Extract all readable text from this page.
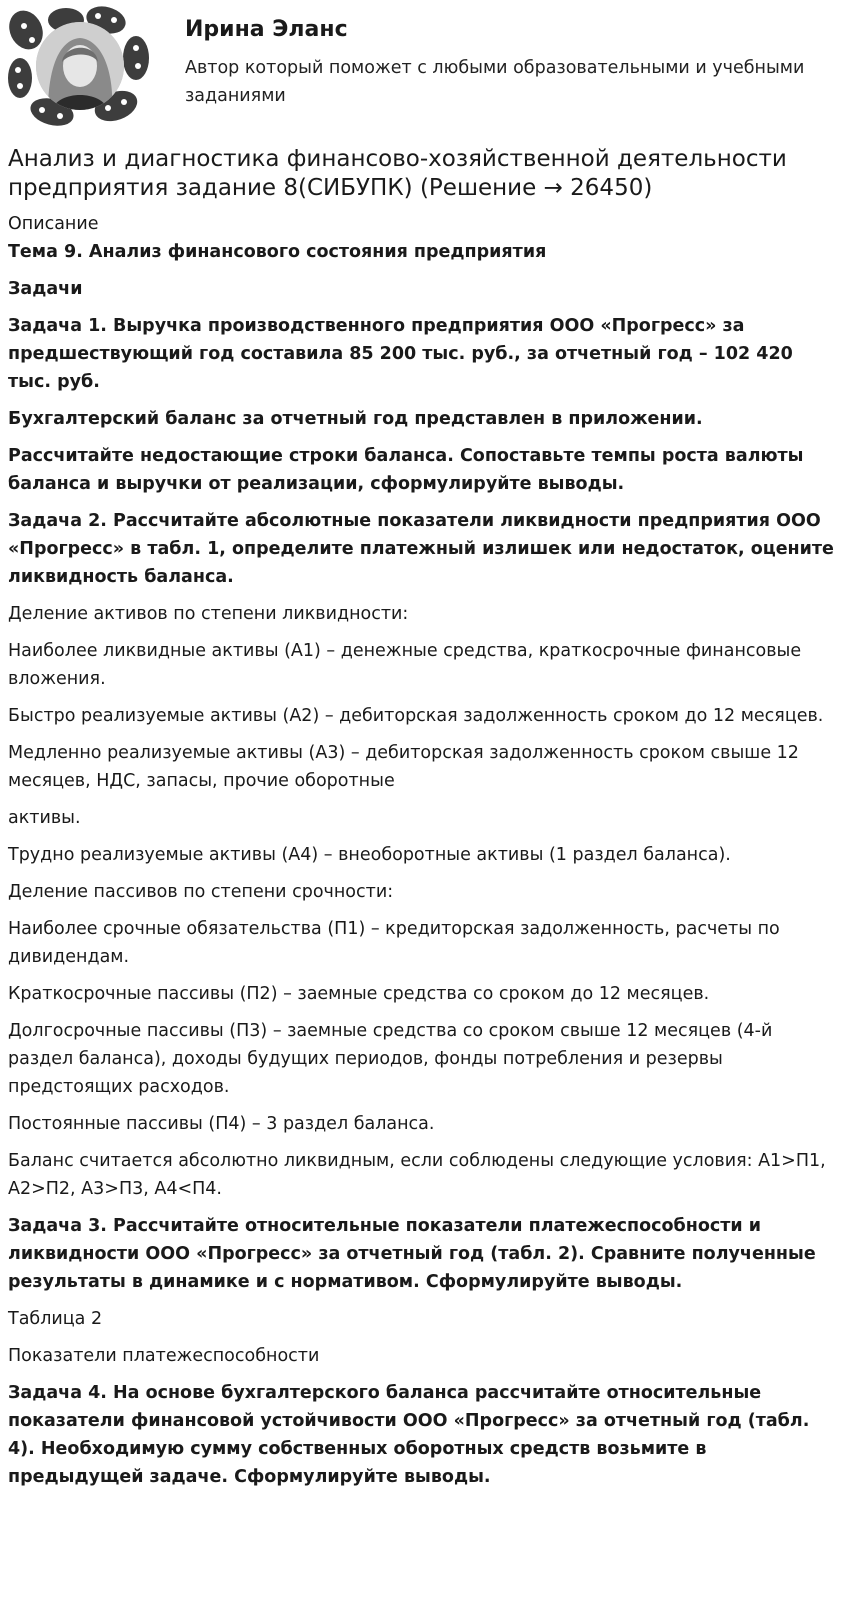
Ирина Эланс

Автор который поможет с любыми образовательными и учебными заданиями

Анализ и диагностика финансово-хозяйственной деятельности предприятия задание 8(СИБУПК) (Решение → 26450)

Описание

Тема 9. Анализ финансового состояния предприятия

Задачи

Задача 1. Выручка производственного предприятия ООО «Прогресс» за предшествующий год составила 85 200 тыс. руб., за отчетный год – 102 420 тыс. руб.

Бухгалтерский баланс за отчетный год представлен в приложении.

Рассчитайте недостающие строки баланса. Сопоставьте темпы роста валюты баланса и выручки от реализации, сформулируйте выводы.

Задача 2. Рассчитайте абсолютные показатели ликвидности предприятия ООО «Прогресс» в табл. 1, определите платежный излишек или недостаток, оцените ликвидность баланса.

Деление активов по степени ликвидности:

Наиболее ликвидные активы (А1) – денежные средства, краткосрочные финансовые вложения.

Быстро реализуемые активы (А2) – дебиторская задолженность сроком до 12 месяцев.

Медленно реализуемые активы (А3) – дебиторская задолженность сроком свыше 12 месяцев, НДС, запасы, прочие оборотные

активы.

Трудно реализуемые активы (А4) – внеоборотные активы (1 раздел баланса).

Деление пассивов по степени срочности:

Наиболее срочные обязательства (П1) – кредиторская задолженность, расчеты по дивидендам.

Краткосрочные пассивы (П2) – заемные средства со сроком до 12 месяцев.

Долгосрочные пассивы (П3) – заемные средства со сроком свыше 12 месяцев (4-й раздел баланса), доходы будущих периодов, фонды потребления и резервы предстоящих расходов.

Постоянные пассивы (П4) – 3 раздел баланса.

Баланс считается абсолютно ликвидным, если соблюдены следующие условия: А1>П1, А2>П2, А3>П3, А4<П4.

Задача 3. Рассчитайте относительные показатели платежеспособности и ликвидности ООО «Прогресс» за отчетный год (табл. 2). Сравните полученные результаты в динамике и с нормативом. Сформулируйте выводы.

Таблица 2

Показатели платежеспособности

Задача 4. На основе бухгалтерского баланса рассчитайте относительные показатели финансовой устойчивости ООО «Прогресс» за отчетный год (табл. 4). Необходимую сумму собственных оборотных средств возьмите в предыдущей задаче. Сформулируйте выводы.
